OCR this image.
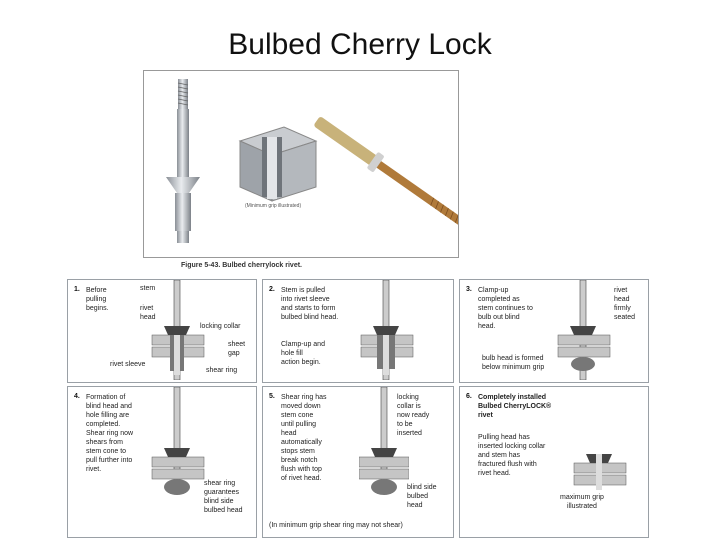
Bulbed Cherry Lock
(Minimum grip illustrated)
Figure 5-43. Bulbed cherrylock rivet.
1. Before
pulling
begins.
stem
rivet
head
locking collar
sheet
gap
rivet sleeve
shear ring
2. Stem is pulled
into rivet sleeve
and starts to form
bulbed blind head.
Clamp-up and
hole fill
action begin.
3. Clamp-up
completed as
stem continues to
bulb out blind
head.
rivet
head
firmly
seated
bulb head is formed
below minimum grip
4. Formation of
blind head and
hole filling are
completed.
Shear ring now
shears from
stem cone to
pull further into
rivet.
shear ring
guarantees
blind side
bulbed head
5. Shear ring has
moved down
stem cone
until pulling
head
automatically
stops stem
break notch
flush with top
of rivet head.
locking
collar is
now ready
to be
inserted
blind side
bulbed
head
(In minimum grip shear ring may not shear)
6. Completely installed
Bulbed CherryLOCK®
rivet
Pulling head has
inserted locking collar
and stem has
fractured flush with
rivet head.
maximum grip
illustrated
